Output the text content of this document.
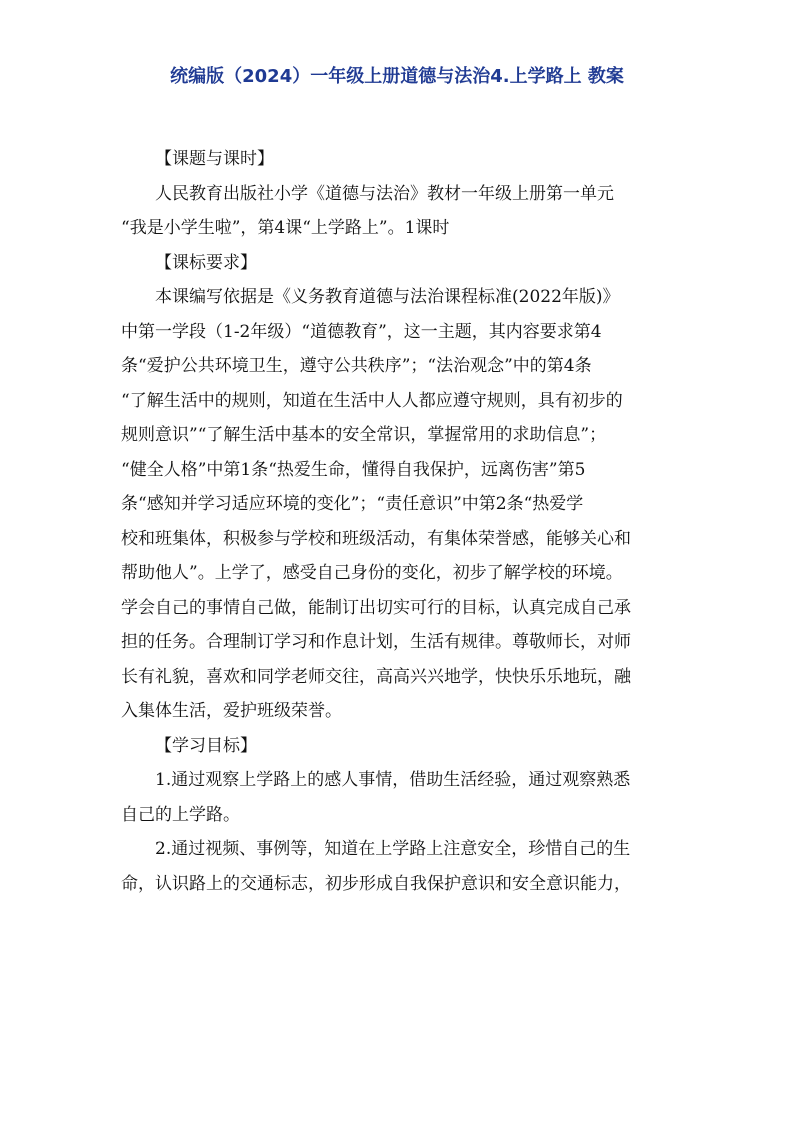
统编版（2024）一年级上册道德与法治4.上学路上 教案
【课题与课时】
人民教育出版社小学《道德与法治》教材一年级上册第一单元
“我是小学生啦”，第4课“上学路上”。1课时
【课标要求】
本课编写依据是《义务教育道德与法治课程标准(2022年版)》
中第一学段（1-2年级）“道德教育”，这一主题，其内容要求第4
条“爱护公共环境卫生，遵守公共秩序”；“法治观念”中的第4条
“了解生活中的规则，知道在生活中人人都应遵守规则，具有初步的
规则意识”“了解生活中基本的安全常识，掌握常用的求助信息”；
“健全人格”中第1条“热爱生命，懂得自我保护，远离伤害”第5
条“感知并学习适应环境的变化”；“责任意识”中第2条“热爱学
校和班集体，积极参与学校和班级活动，有集体荣誉感，能够关心和
帮助他人”。上学了，感受自己身份的变化，初步了解学校的环境。
学会自己的事情自己做，能制订出切实可行的目标，认真完成自己承
担的任务。合理制订学习和作息计划，生活有规律。尊敬师长，对师
长有礼貌，喜欢和同学老师交往，高高兴兴地学，快快乐乐地玩，融
入集体生活，爱护班级荣誉。
【学习目标】
1.通过观察上学路上的感人事情，借助生活经验，通过观察熟悉
自己的上学路。
2.通过视频、事例等，知道在上学路上注意安全，珍惜自己的生
命，认识路上的交通标志，初步形成自我保护意识和安全意识能力，
